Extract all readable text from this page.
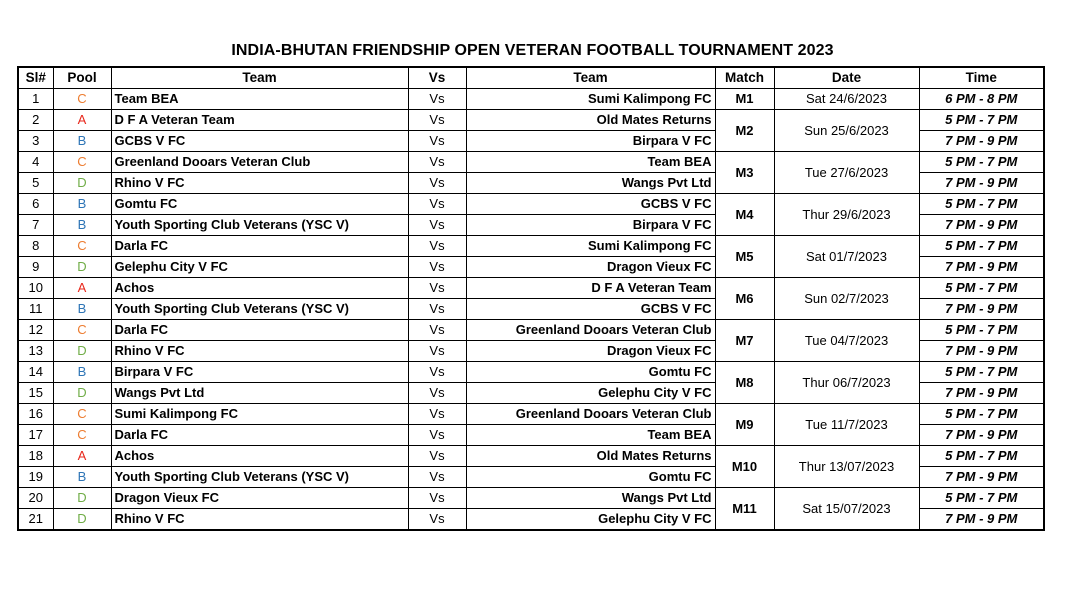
INDIA-BHUTAN FRIENDSHIP OPEN VETERAN FOOTBALL TOURNAMENT 2023
Sl#	Pool	Team	Vs	Team	Match	Date	Time
1	C	Team BEA	Vs	Sumi Kalimpong FC	M1	Sat 24/6/2023	6 PM - 8 PM
2	A	D F A Veteran Team	Vs	Old Mates Returns	M2	Sun 25/6/2023	5 PM - 7 PM
3	B	GCBS V FC	Vs	Birpara V FC			7 PM - 9 PM
4	C	Greenland Dooars Veteran Club	Vs	Team BEA	M3	Tue 27/6/2023	5 PM - 7 PM
5	D	Rhino V FC	Vs	Wangs Pvt Ltd			7 PM - 9 PM
6	B	Gomtu FC	Vs	GCBS V FC	M4	Thur 29/6/2023	5 PM - 7 PM
7	B	Youth Sporting Club Veterans (YSC V)	Vs	Birpara V FC			7 PM - 9 PM
8	C	Darla FC	Vs	Sumi Kalimpong FC	M5	Sat 01/7/2023	5 PM - 7 PM
9	D	Gelephu City V FC	Vs	Dragon Vieux FC			7 PM - 9 PM
10	A	Achos	Vs	D F A Veteran Team	M6	Sun 02/7/2023	5 PM - 7 PM
11	B	Youth Sporting Club Veterans (YSC V)	Vs	GCBS V FC			7 PM - 9 PM
12	C	Darla FC	Vs	Greenland Dooars Veteran Club	M7	Tue 04/7/2023	5 PM - 7 PM
13	D	Rhino V FC	Vs	Dragon Vieux FC			7 PM - 9 PM
14	B	Birpara V FC	Vs	Gomtu FC	M8	Thur 06/7/2023	5 PM - 7 PM
15	D	Wangs Pvt Ltd	Vs	Gelephu City V FC			7 PM - 9 PM
16	C	Sumi Kalimpong FC	Vs	Greenland Dooars Veteran Club	M9	Tue 11/7/2023	5 PM - 7 PM
17	C	Darla FC	Vs	Team BEA			7 PM - 9 PM
18	A	Achos	Vs	Old Mates Returns	M10	Thur 13/07/2023	5 PM - 7 PM
19	B	Youth Sporting Club Veterans (YSC V)	Vs	Gomtu FC			7 PM - 9 PM
20	D	Dragon Vieux FC	Vs	Wangs Pvt Ltd	M11	Sat 15/07/2023	5 PM - 7 PM
21	D	Rhino V FC	Vs	Gelephu City V FC			7 PM - 9 PM
